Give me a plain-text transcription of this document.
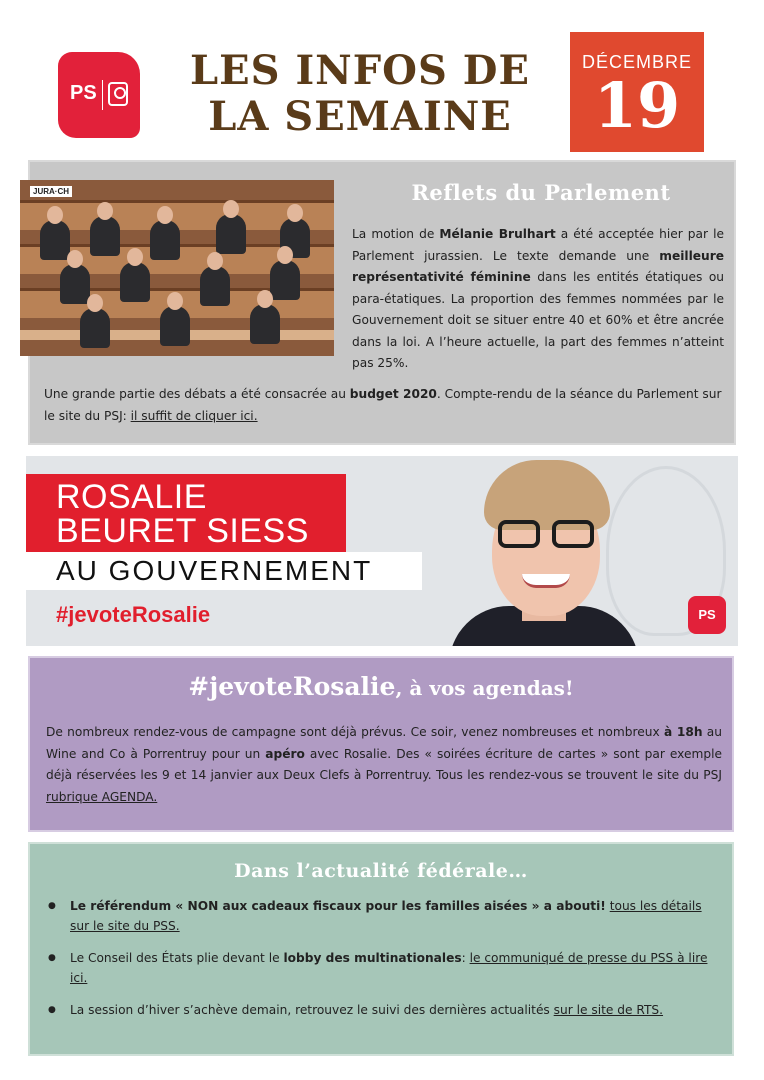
PS	LES INFOS DE
LA SEMAINE
DÉCEMBRE
19
JURA·CH	Reflets du Parlement

La motion de Mélanie Brulhart a été acceptée hier par le Parlement jurassien. Le texte demande une meilleure représentativité féminine dans les entités étatiques ou para-étatiques. La proportion des femmes nommées par le Gouvernement doit se situer entre 40 et 60% et être ancrée dans la loi. A l’heure actuelle, la part des femmes n’atteint pas 25%.

Une grande partie des débats a été consacrée au budget 2020. Compte-rendu de la séance du Parlement sur le site du PSJ: il suffit de cliquer ici.

ROSALIE
BEURET SIESS
AU GOUVERNEMENT
#jevoteRosalie	PS
#jevoteRosalie, à vos agendas!

De nombreux rendez-vous de campagne sont déjà prévus. Ce soir, venez nombreuses et nombreux à 18h au Wine and Co à Porrentruy pour un apéro avec Rosalie. Des « soirées écriture de cartes » sont par exemple déjà réservées les 9 et 14 janvier aux Deux Clefs à Porrentruy. Tous les rendez-vous se trouvent le site du PSJ rubrique AGENDA.

Dans l’actualité fédérale…
● Le référendum « NON aux cadeaux fiscaux pour les familles aisées » a abouti! tous les détails sur le site du PSS.
● Le Conseil des États plie devant le lobby des multinationales: le communiqué de presse du PSS à lire ici.
● La session d’hiver s’achève demain, retrouvez le suivi des dernières actualités sur le site de RTS.
